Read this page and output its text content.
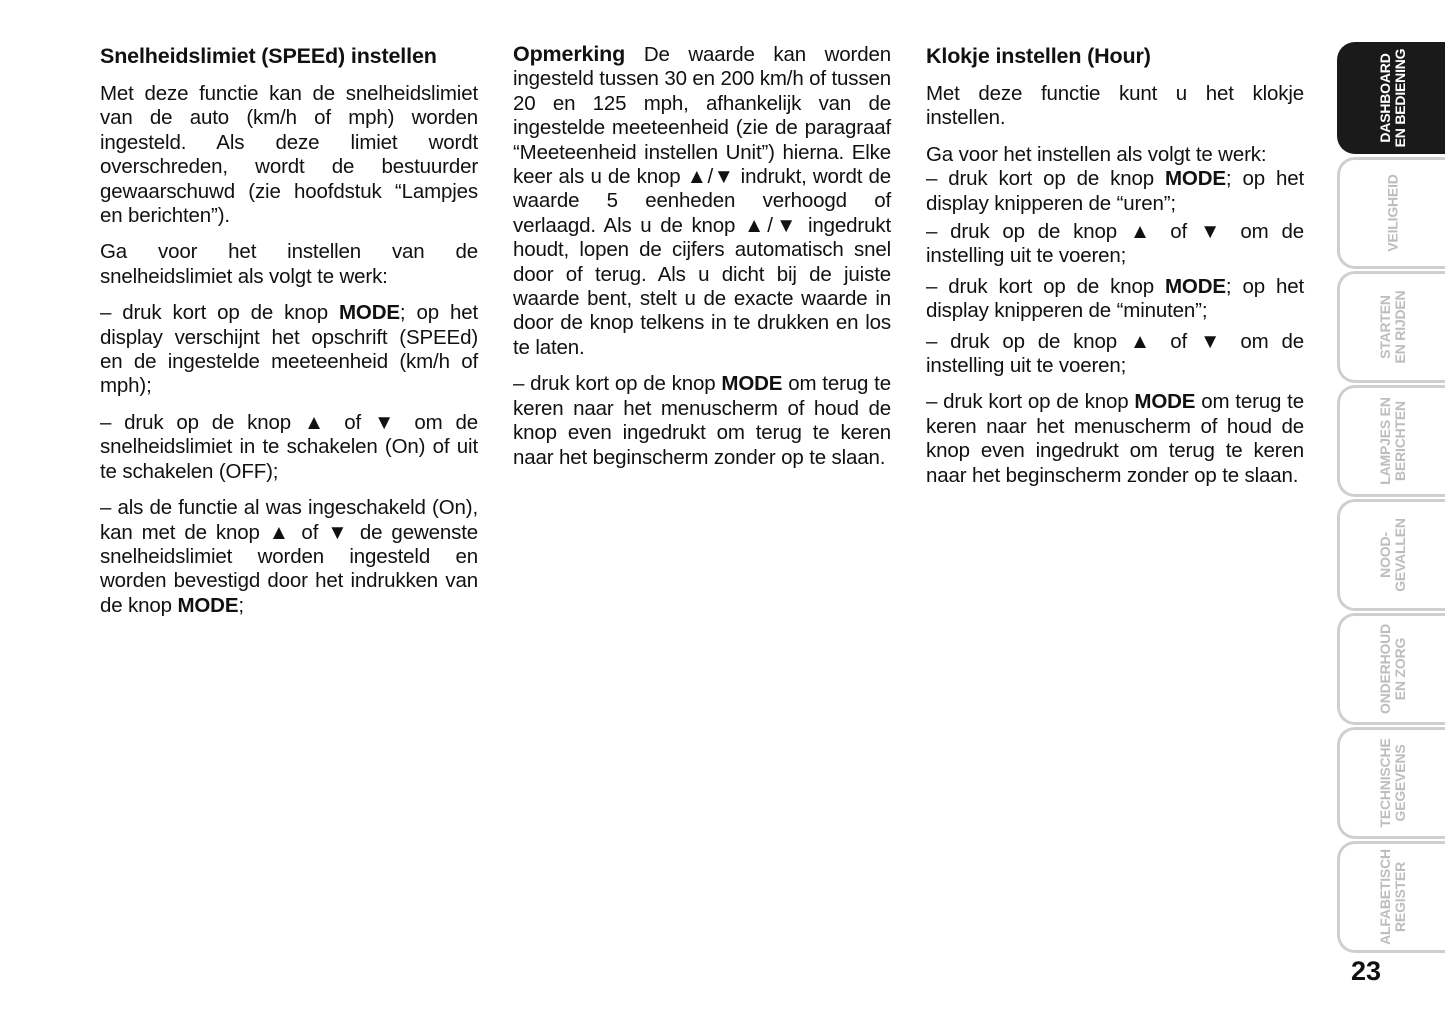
Snelheidslimiet (SPEEd) instellen

Met deze functie kan de snelheidslimiet van de auto (km/h of mph) worden ingesteld. Als deze limiet wordt overschreden, wordt de bestuurder gewaarschuwd (zie hoofdstuk “Lampjes en berichten”).

Ga voor het instellen van de snelheidslimiet als volgt te werk:

– druk kort op de knop MODE; op het display verschijnt het opschrift (SPEEd) en de ingestelde meeteenheid (km/h of mph);

– druk op de knop ▲ of ▼ om de snelheidslimiet in te schakelen (On) of uit te schakelen (OFF);

– als de functie al was ingeschakeld (On), kan met de knop ▲ of ▼ de gewenste snelheidslimiet worden ingesteld en worden bevestigd door het indrukken van de knop MODE;

Opmerking De waarde kan worden ingesteld tussen 30 en 200 km/h of tussen 20 en 125 mph, afhankelijk van de ingestelde meeteenheid (zie de paragraaf “Meeteenheid instellen Unit”) hierna. Elke keer als u de knop ▲/▼ indrukt, wordt de waarde 5 eenheden verhoogd of verlaagd. Als u de knop ▲/▼ ingedrukt houdt, lopen de cijfers automatisch snel door of terug. Als u dicht bij de juiste waarde bent, stelt u de exacte waarde in door de knop telkens in te drukken en los te laten.

– druk kort op de knop MODE om terug te keren naar het menuscherm of houd de knop even ingedrukt om terug te keren naar het beginscherm zonder op te slaan.

Klokje instellen (Hour)

Met deze functie kunt u het klokje instellen.

Ga voor het instellen als volgt te werk:
– druk kort op de knop MODE; op het display knipperen de “uren”;

– druk op de knop ▲ of ▼ om de instelling uit te voeren;

– druk kort op de knop MODE; op het display knipperen de “minuten”;

– druk op de knop ▲ of ▼ om de instelling uit te voeren;

– druk kort op de knop MODE om terug te keren naar het menuscherm of houd de knop even ingedrukt om terug te keren naar het beginscherm zonder op te slaan.

DASHBOARD
EN BEDIENING
VEILIGHEID
STARTEN
EN RIJDEN
LAMPJES EN
BERICHTEN
NOOD-
GEVALLEN
ONDERHOUD
EN ZORG
TECHNISCHE
GEGEVENS
ALFABETISCH
REGISTER
23
